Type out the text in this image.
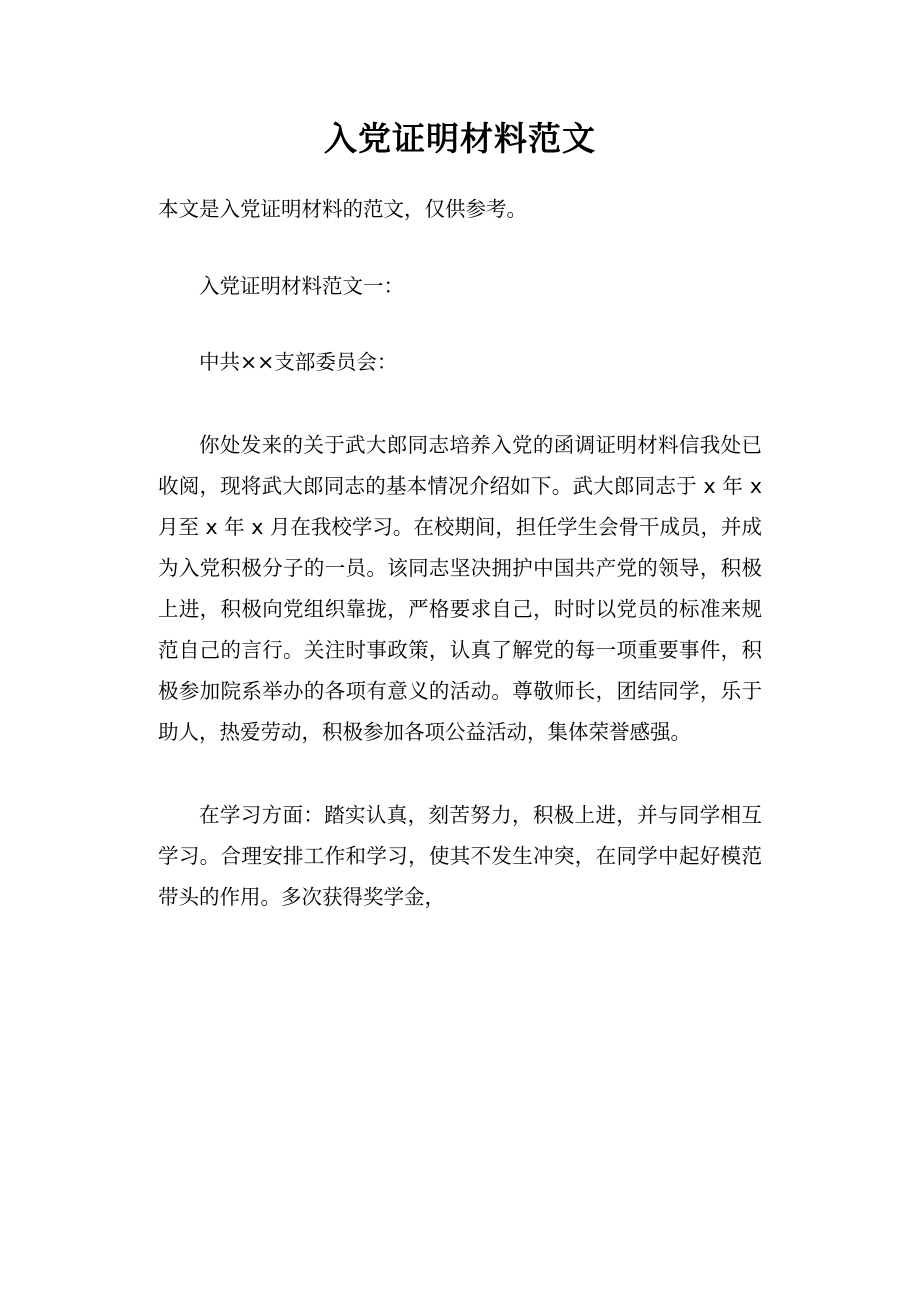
入党证明材料范文

本文是入党证明材料的范文，仅供参考。

入党证明材料范文一：

中共××支部委员会：

你处发来的关于武大郎同志培养入党的函调证明材料信我处已收阅，现将武大郎同志的基本情况介绍如下。武大郎同志于 x 年 x 月至 x 年 x 月在我校学习。在校期间，担任学生会骨干成员，并成为入党积极分子的一员。该同志坚决拥护中国共产党的领导，积极上进，积极向党组织靠拢，严格要求自己，时时以党员的标准来规范自己的言行。关注时事政策，认真了解党的每一项重要事件，积极参加院系举办的各项有意义的活动。尊敬师长，团结同学，乐于助人，热爱劳动，积极参加各项公益活动，集体荣誉感强。

在学习方面：踏实认真，刻苦努力，积极上进，并与同学相互学习。合理安排工作和学习，使其不发生冲突，在同学中起好模范带头的作用。多次获得奖学金，
